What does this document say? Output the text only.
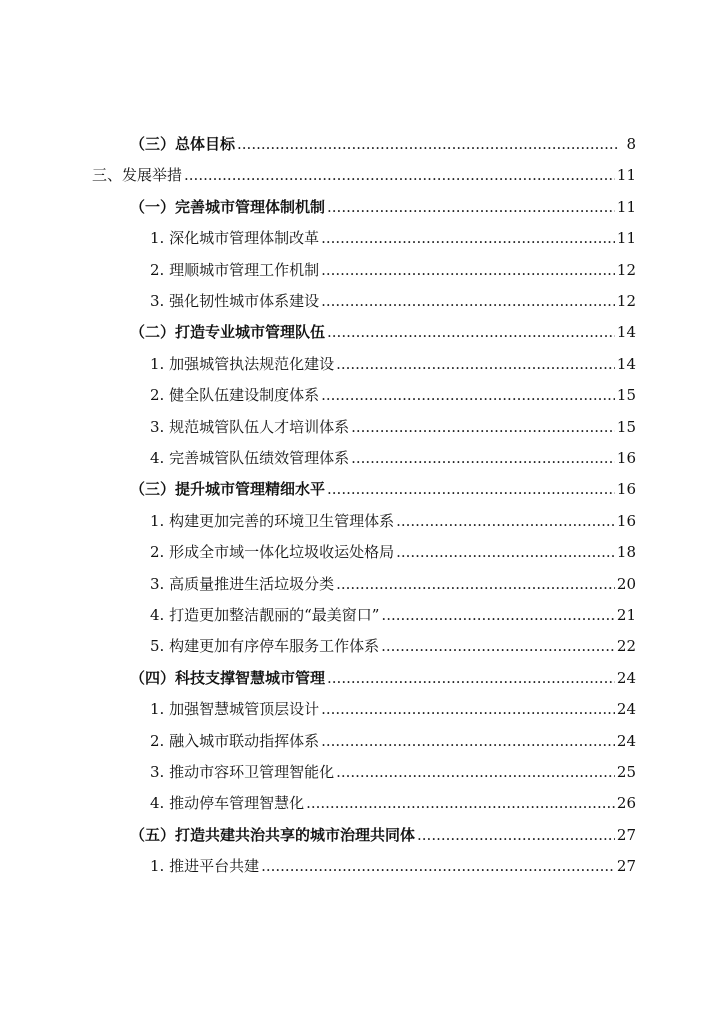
（三）总体目标 .....	8
三、发展举措 .....	11
（一）完善城市管理体制机制 .....	11
1. 深化城市管理体制改革 .....	11
2. 理顺城市管理工作机制 .....	12
3. 强化韧性城市体系建设 .....	12
（二）打造专业城市管理队伍 .....	14
1. 加强城管执法规范化建设 .....	14
2. 健全队伍建设制度体系 .....	15
3. 规范城管队伍人才培训体系 .....	15
4. 完善城管队伍绩效管理体系 .....	16
（三）提升城市管理精细水平 .....	16
1. 构建更加完善的环境卫生管理体系 .....	16
2. 形成全市域一体化垃圾收运处格局 .....	18
3. 高质量推进生活垃圾分类 .....	20
4. 打造更加整洁靓丽的“最美窗口” .....	21
5. 构建更加有序停车服务工作体系 .....	22
（四）科技支撑智慧城市管理 .....	24
1. 加强智慧城管顶层设计 .....	24
2. 融入城市联动指挥体系 .....	24
3. 推动市容环卫管理智能化 .....	25
4. 推动停车管理智慧化 .....	26
（五）打造共建共治共享的城市治理共同体 .....	27
1. 推进平台共建 .....	27
